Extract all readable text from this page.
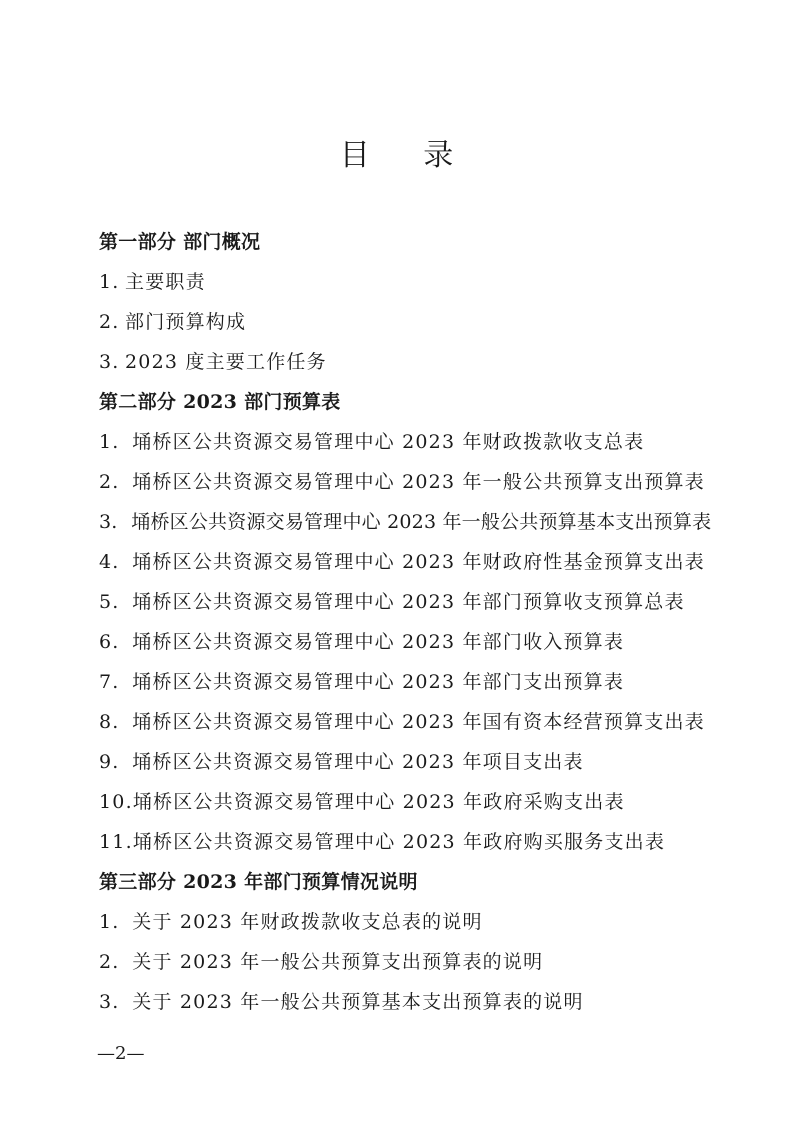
目 录
第一部分 部门概况
1. 主要职责
2. 部门预算构成
3. 2023 度主要工作任务
第二部分 2023 部门预算表
1. 埇桥区公共资源交易管理中心 2023 年财政拨款收支总表
2. 埇桥区公共资源交易管理中心 2023 年一般公共预算支出预算表
3. 埇桥区公共资源交易管理中心 2023 年一般公共预算基本支出预算表
4. 埇桥区公共资源交易管理中心 2023 年财政府性基金预算支出表
5. 埇桥区公共资源交易管理中心 2023 年部门预算收支预算总表
6. 埇桥区公共资源交易管理中心 2023 年部门收入预算表
7. 埇桥区公共资源交易管理中心 2023 年部门支出预算表
8. 埇桥区公共资源交易管理中心 2023 年国有资本经营预算支出表
9. 埇桥区公共资源交易管理中心 2023 年项目支出表
10.埇桥区公共资源交易管理中心 2023 年政府采购支出表
11.埇桥区公共资源交易管理中心 2023 年政府购买服务支出表
第三部分 2023 年部门预算情况说明
1. 关于 2023 年财政拨款收支总表的说明
2. 关于 2023 年一般公共预算支出预算表的说明
3. 关于 2023 年一般公共预算基本支出预算表的说明
—2—
